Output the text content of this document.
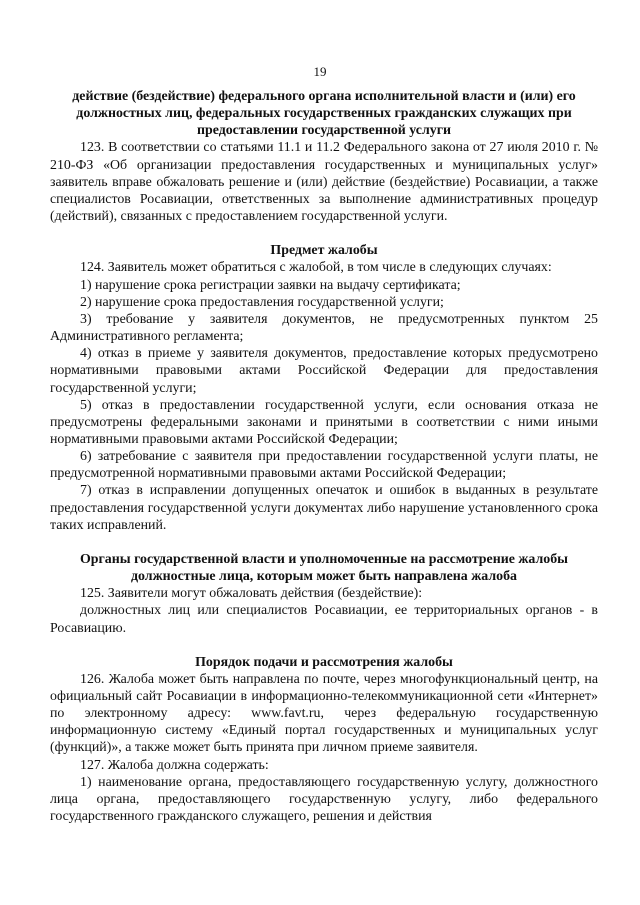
19

действие (бездействие) федерального органа исполнительной власти и (или) его должностных лиц, федеральных государственных гражданских служащих при предоставлении государственной услуги

123. В соответствии со статьями 11.1 и 11.2 Федерального закона от 27 июля 2010 г. № 210-ФЗ «Об организации предоставления государственных и муниципальных услуг» заявитель вправе обжаловать решение и (или) действие (бездействие) Росавиации, а также специалистов Росавиации, ответственных за выполнение административных процедур (действий), связанных с предоставлением государственной услуги.

Предмет жалобы

124. Заявитель может обратиться с жалобой, в том числе в следующих случаях:

1) нарушение срока регистрации заявки на выдачу сертификата;

2) нарушение срока предоставления государственной услуги;

3) требование у заявителя документов, не предусмотренных пунктом 25 Административного регламента;

4) отказ в приеме у заявителя документов, предоставление которых предусмотрено нормативными правовыми актами Российской Федерации для предоставления государственной услуги;

5) отказ в предоставлении государственной услуги, если основания отказа не предусмотрены федеральными законами и принятыми в соответствии с ними иными нормативными правовыми актами Российской Федерации;

6) затребование с заявителя при предоставлении государственной услуги платы, не предусмотренной нормативными правовыми актами Российской Федерации;

7) отказ в исправлении допущенных опечаток и ошибок в выданных в результате предоставления государственной услуги документах либо нарушение установленного срока таких исправлений.

Органы государственной власти и уполномоченные на рассмотрение жалобы должностные лица, которым может быть направлена жалоба

125. Заявители могут обжаловать действия (бездействие):

должностных лиц или специалистов Росавиации, ее территориальных органов - в Росавиацию.

Порядок подачи и рассмотрения жалобы

126. Жалоба может быть направлена по почте, через многофункциональный центр, на официальный сайт Росавиации в информационно-телекоммуникационной сети «Интернет» по электронному адресу: www.favt.ru, через федеральную государственную информационную систему «Единый портал государственных и муниципальных услуг (функций)», а также может быть принята при личном приеме заявителя.

127. Жалоба должна содержать:

1) наименование органа, предоставляющего государственную услугу, должностного лица органа, предоставляющего государственную услугу, либо федерального государственного гражданского служащего, решения и действия
